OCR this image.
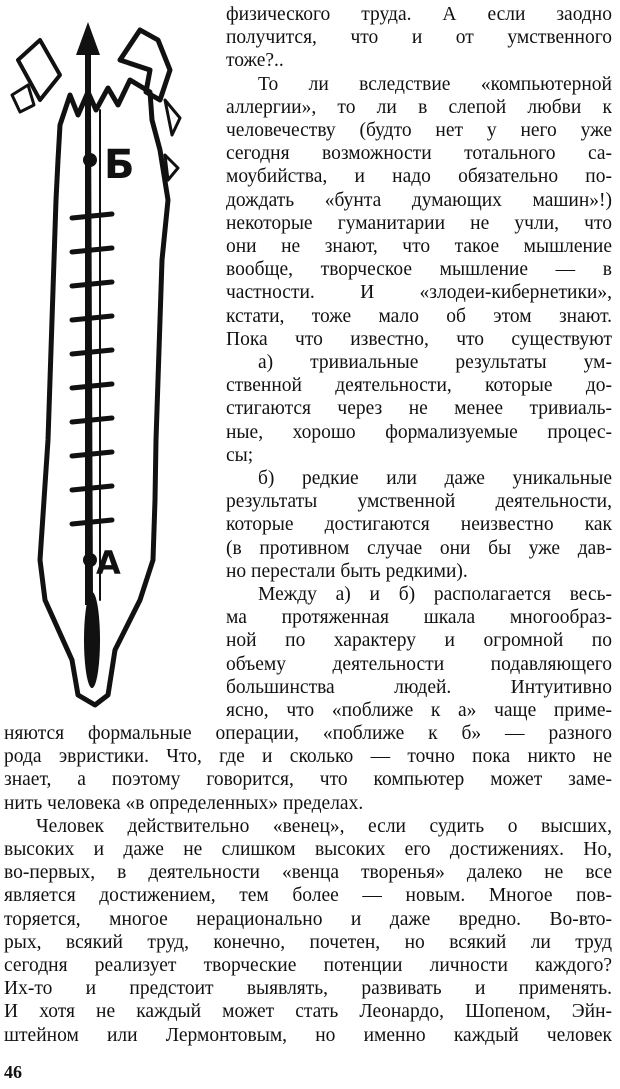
Б
А
физического труда. А если заодно
получится, что и от умственного
тоже?..
То ли вследствие «компьютерной
аллергии», то ли в слепой любви к
человечеству (будто нет у него уже
сегодня возможности тотального са-
моубийства, и надо обязательно по-
дождать «бунта думающих машин»!)
некоторые гуманитарии не учли, что
они не знают, что такое мышление
вообще, творческое мышление — в
частности. И «злодеи-кибернетики»,
кстати, тоже мало об этом знают.
Пока что известно, что существуют
а) тривиальные результаты ум-
ственной деятельности, которые до-
стигаются через не менее тривиаль-
ные, хорошо формализуемые процес-
сы;
б) редкие или даже уникальные
результаты умственной деятельности,
которые достигаются неизвестно как
(в противном случае они бы уже дав-
но перестали быть редкими).
Между а) и б) располагается весь-
ма протяженная шкала многообраз-
ной по характеру и огромной по
объему деятельности подавляющего
большинства людей. Интуитивно
ясно, что «поближе к а» чаще приме-
няются формальные операции, «поближе к б» — разного
рода эвристики. Что, где и сколько — точно пока никто не
знает, а поэтому говорится, что компьютер может заме-
нить человека «в определенных» пределах.
Человек действительно «венец», если судить о высших,
высоких и даже не слишком высоких его достижениях. Но,
во-первых, в деятельности «венца творенья» далеко не все
является достижением, тем более — новым. Многое пов-
торяется, многое нерационально и даже вредно. Во-вто-
рых, всякий труд, конечно, почетен, но всякий ли труд
сегодня реализует творческие потенции личности каждого?
Их-то и предстоит выявлять, развивать и применять.
И хотя не каждый может стать Леонардо, Шопеном, Эйн-
штейном или Лермонтовым, но именно каждый человек
46
